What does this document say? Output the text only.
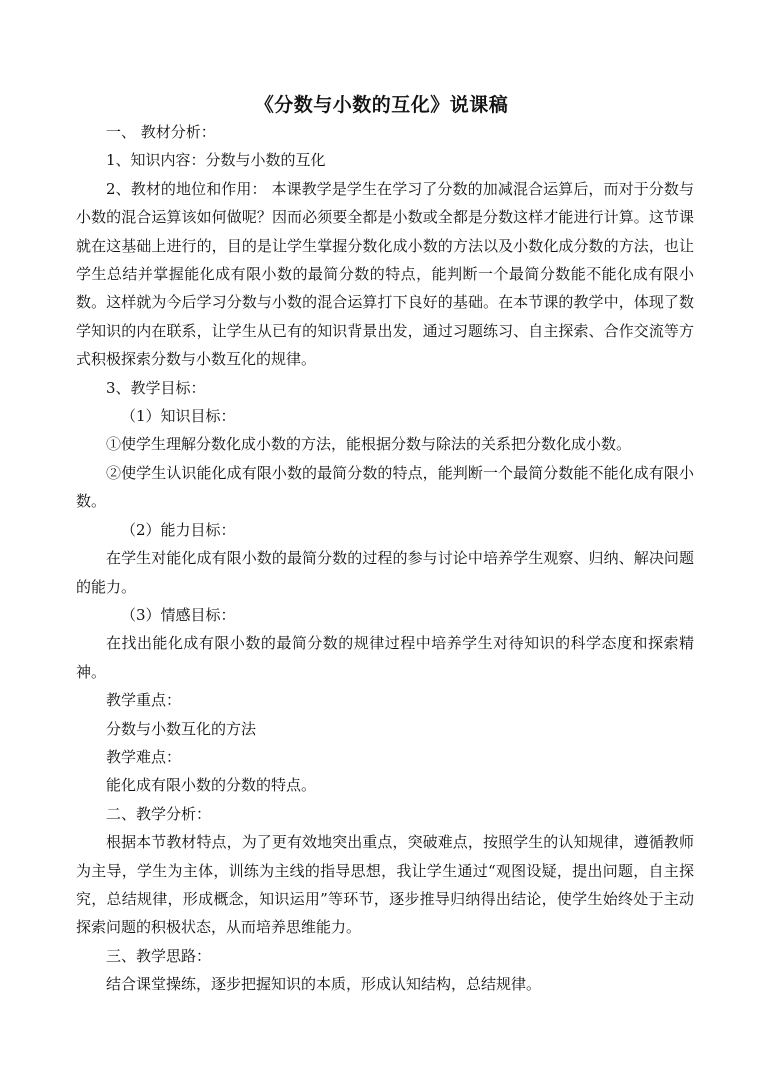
《分数与小数的互化》说课稿

一、 教材分析：

1、知识内容：分数与小数的互化

2、教材的地位和作用： 本课教学是学生在学习了分数的加减混合运算后，而对于分数与小数的混合运算该如何做呢？因而必须要全都是小数或全都是分数这样才能进行计算。这节课就在这基础上进行的，目的是让学生掌握分数化成小数的方法以及小数化成分数的方法，也让学生总结并掌握能化成有限小数的最简分数的特点，能判断一个最简分数能不能化成有限小数。这样就为今后学习分数与小数的混合运算打下良好的基础。在本节课的教学中，体现了数学知识的内在联系，让学生从已有的知识背景出发，通过习题练习、自主探索、合作交流等方式积极探索分数与小数互化的规律。

3、教学目标：

（1）知识目标：

①使学生理解分数化成小数的方法，能根据分数与除法的关系把分数化成小数。

②使学生认识能化成有限小数的最简分数的特点，能判断一个最简分数能不能化成有限小数。

（2）能力目标：

在学生对能化成有限小数的最简分数的过程的参与讨论中培养学生观察、归纳、解决问题的能力。

（3）情感目标：

在找出能化成有限小数的最简分数的规律过程中培养学生对待知识的科学态度和探索精神。

教学重点：

分数与小数互化的方法

教学难点：

能化成有限小数的分数的特点。

二、教学分析：

根据本节教材特点，为了更有效地突出重点，突破难点，按照学生的认知规律，遵循教师为主导，学生为主体，训练为主线的指导思想，我让学生通过“观图设疑，提出问题，自主探究，总结规律，形成概念，知识运用”等环节，逐步推导归纳得出结论，使学生始终处于主动探索问题的积极状态，从而培养思维能力。

三、教学思路：

结合课堂操练，逐步把握知识的本质，形成认知结构，总结规律。
